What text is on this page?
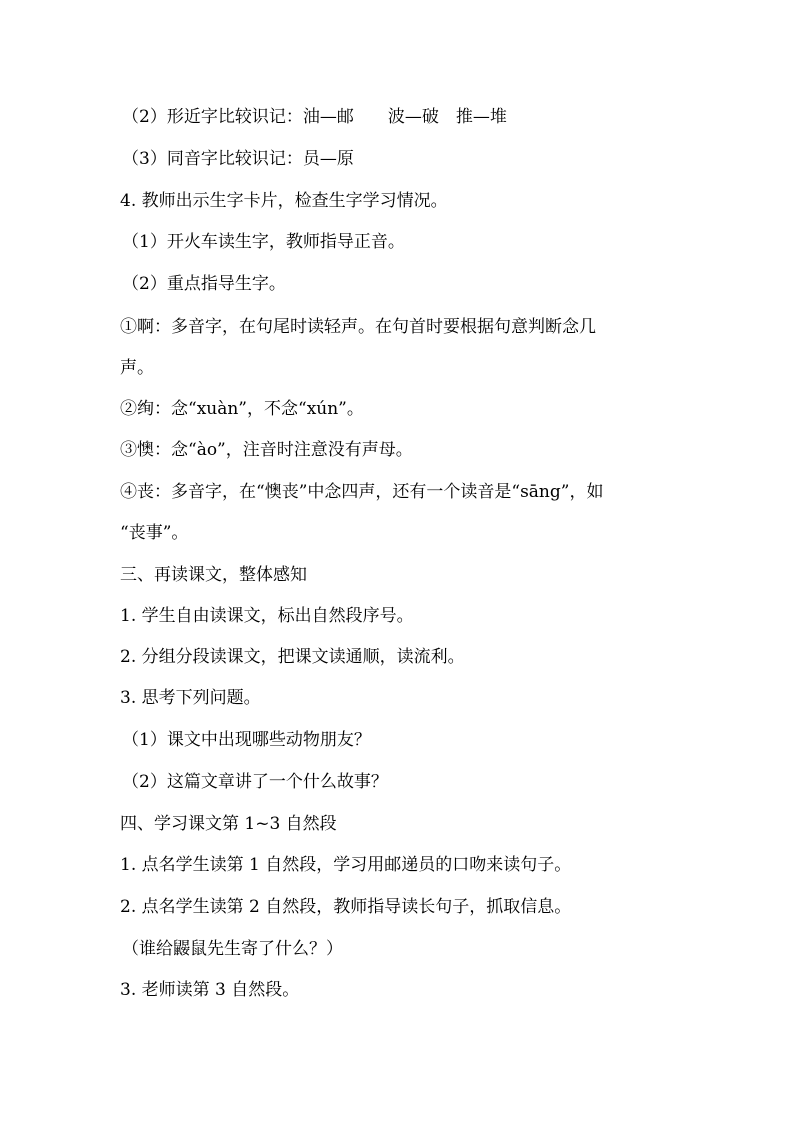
（2）形近字比较识记：油—邮　　波—破　推—堆
（3）同音字比较识记：员—原
4. 教师出示生字卡片，检查生字学习情况。
（1）开火车读生字，教师指导正音。
（2）重点指导生字。
①啊：多音字，在句尾时读轻声。在句首时要根据句意判断念几
声。
②绚：念“xuàn”，不念“xún”。
③懊：念“ào”，注音时注意没有声母。
④丧：多音字，在“懊丧”中念四声，还有一个读音是“sāng”，如
“丧事”。
三、再读课文，整体感知
1. 学生自由读课文，标出自然段序号。
2. 分组分段读课文，把课文读通顺，读流利。
3. 思考下列问题。
（1）课文中出现哪些动物朋友？
（2）这篇文章讲了一个什么故事？
四、学习课文第 1~3 自然段
1. 点名学生读第 1 自然段，学习用邮递员的口吻来读句子。
2. 点名学生读第 2 自然段，教师指导读长句子，抓取信息。
（谁给鼹鼠先生寄了什么？）
3. 老师读第 3 自然段。
